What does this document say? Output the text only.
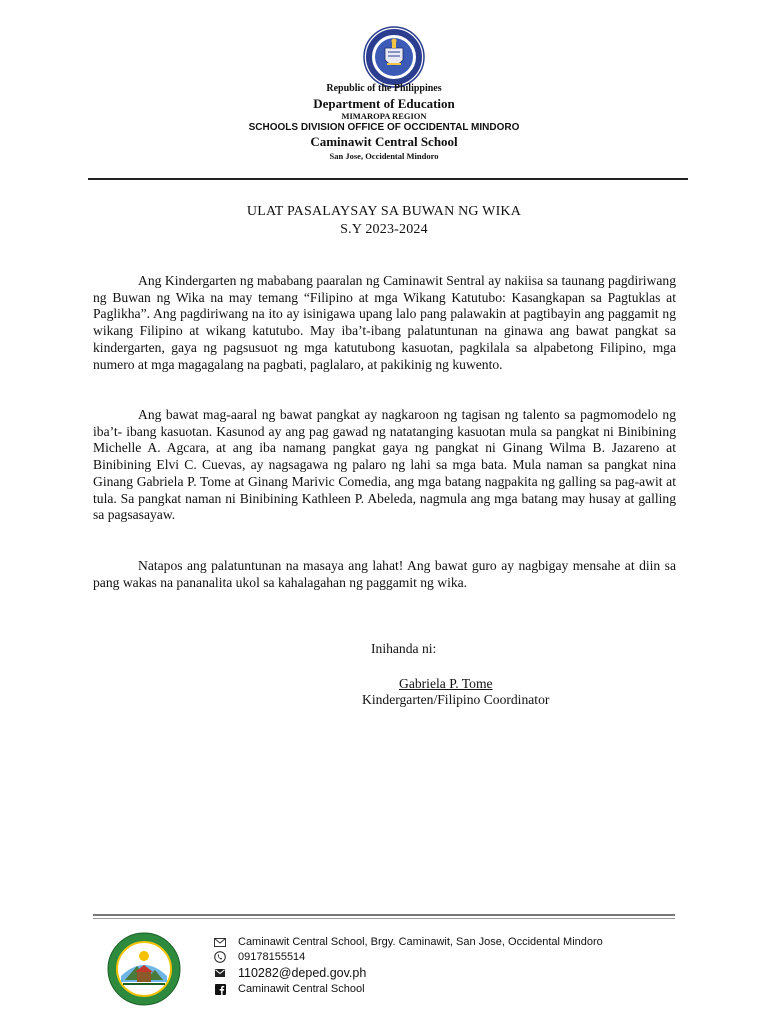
Republic of the Philippines
Department of Education
MIMAROPA REGION
SCHOOLS DIVISION OFFICE OF OCCIDENTAL MINDORO
Caminawit Central School
San Jose, Occidental Mindoro
ULAT PASALAYSAY SA BUWAN NG WIKA
S.Y 2023-2024

Ang Kindergarten ng mababang paaralan ng Caminawit Sentral ay nakiisa sa taunang pagdiriwang ng Buwan ng Wika na may temang “Filipino at mga Wikang Katutubo: Kasangkapan sa Pagtuklas at Paglikha”. Ang pagdiriwang na ito ay isinigawa upang lalo pang palawakin at pagtibayin ang paggamit ng wikang Filipino at wikang katutubo. May iba’t-ibang palatuntunan na ginawa ang bawat pangkat sa kindergarten, gaya ng pagsusuot ng mga katutubong kasuotan, pagkilala sa alpabetong Filipino, mga numero at mga magagalang na pagbati, paglalaro, at pakikinig ng kuwento.

Ang bawat mag-aaral ng bawat pangkat ay nagkaroon ng tagisan ng talento sa pagmomodelo ng iba’t- ibang kasuotan. Kasunod ay ang pag gawad ng natatanging kasuotan mula sa pangkat ni Binibining Michelle A. Agcara, at ang iba namang pangkat gaya ng pangkat ni Ginang Wilma B. Jazareno at Binibining Elvi C. Cuevas, ay nagsagawa ng palaro ng lahi sa mga bata. Mula naman sa pangkat nina Ginang Gabriela P. Tome at Ginang Marivic Comedia, ang mga batang nagpakita ng galling sa pag-awit at tula. Sa pangkat naman ni Binibining Kathleen P. Abeleda, nagmula ang mga batang may husay at galling sa pagsasayaw.

Natapos ang palatuntunan na masaya ang lahat! Ang bawat guro ay nagbigay mensahe at diin sa pang wakas na pananalita ukol sa kahalagahan ng paggamit ng wika.

Inihanda ni:
Gabriela P. Tome
Kindergarten/Filipino Coordinator
Caminawit Central School, Brgy. Caminawit, San Jose, Occidental Mindoro
09178155514
110282@deped.gov.ph
Caminawit Central School
